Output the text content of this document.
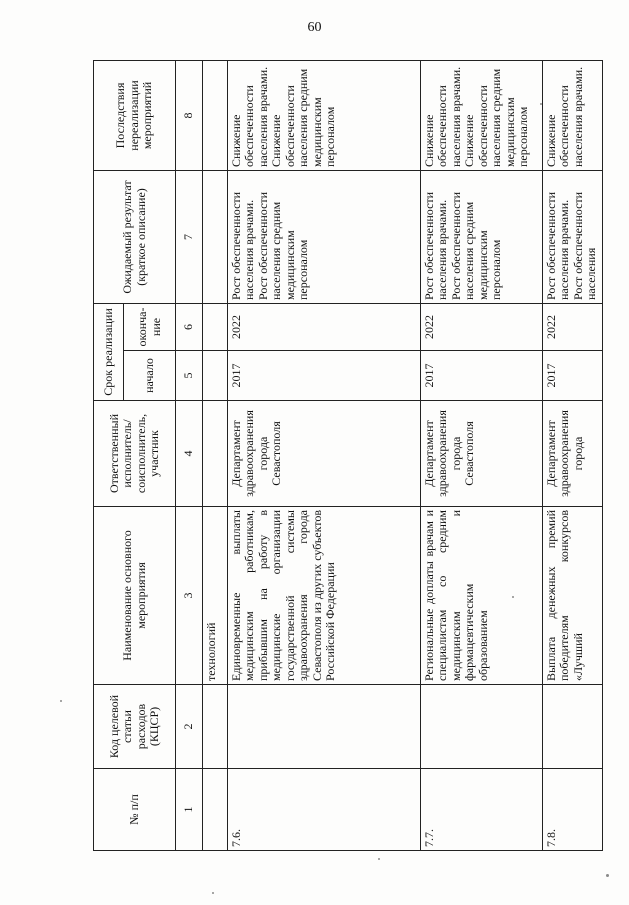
60
№ п/п	Код целевой статьи расходов (КЦСР)	Наименование основного мероприятия	Ответственный исполнитель/ соисполнитель, участник	Срок реализации		Ожидаемый результат (краткое описание)	Последствия нереализации мероприятий
				начало	оконча-ние		
1	2	3	4	5	6	7	8
		технологий					
7.6.		Единовременные выплаты медицинским работникам, прибывшим на работу в медицинские организации государственной системы здравоохранения города Севастополя из других субъектов Российской Федерации	Департамент здравоохранения города Севастополя	2017	2022	Рост обеспеченности населения врачами. Рост обеспеченности населения средним медицинским персоналом	Снижение обеспеченности населения врачами. Снижение обеспеченности населения средним медицинским персоналом
7.7.		Региональные доплаты врачам и специалистам со средним медицинским и фармацевтическим образованием	Департамент здравоохранения города Севастополя	2017	2022	Рост обеспеченности населения врачами. Рост обеспеченности населения средним медицинским персоналом	Снижение обеспеченности населения врачами. Снижение обеспеченности населения средним медицинским персоналом
7.8.		Выплата денежных премий победителям конкурсов «Лучший	Департамент здравоохранения города	2017	2022	Рост обеспеченности населения врачами. Рост обеспеченности населения	Снижение обеспеченности населения врачами.
